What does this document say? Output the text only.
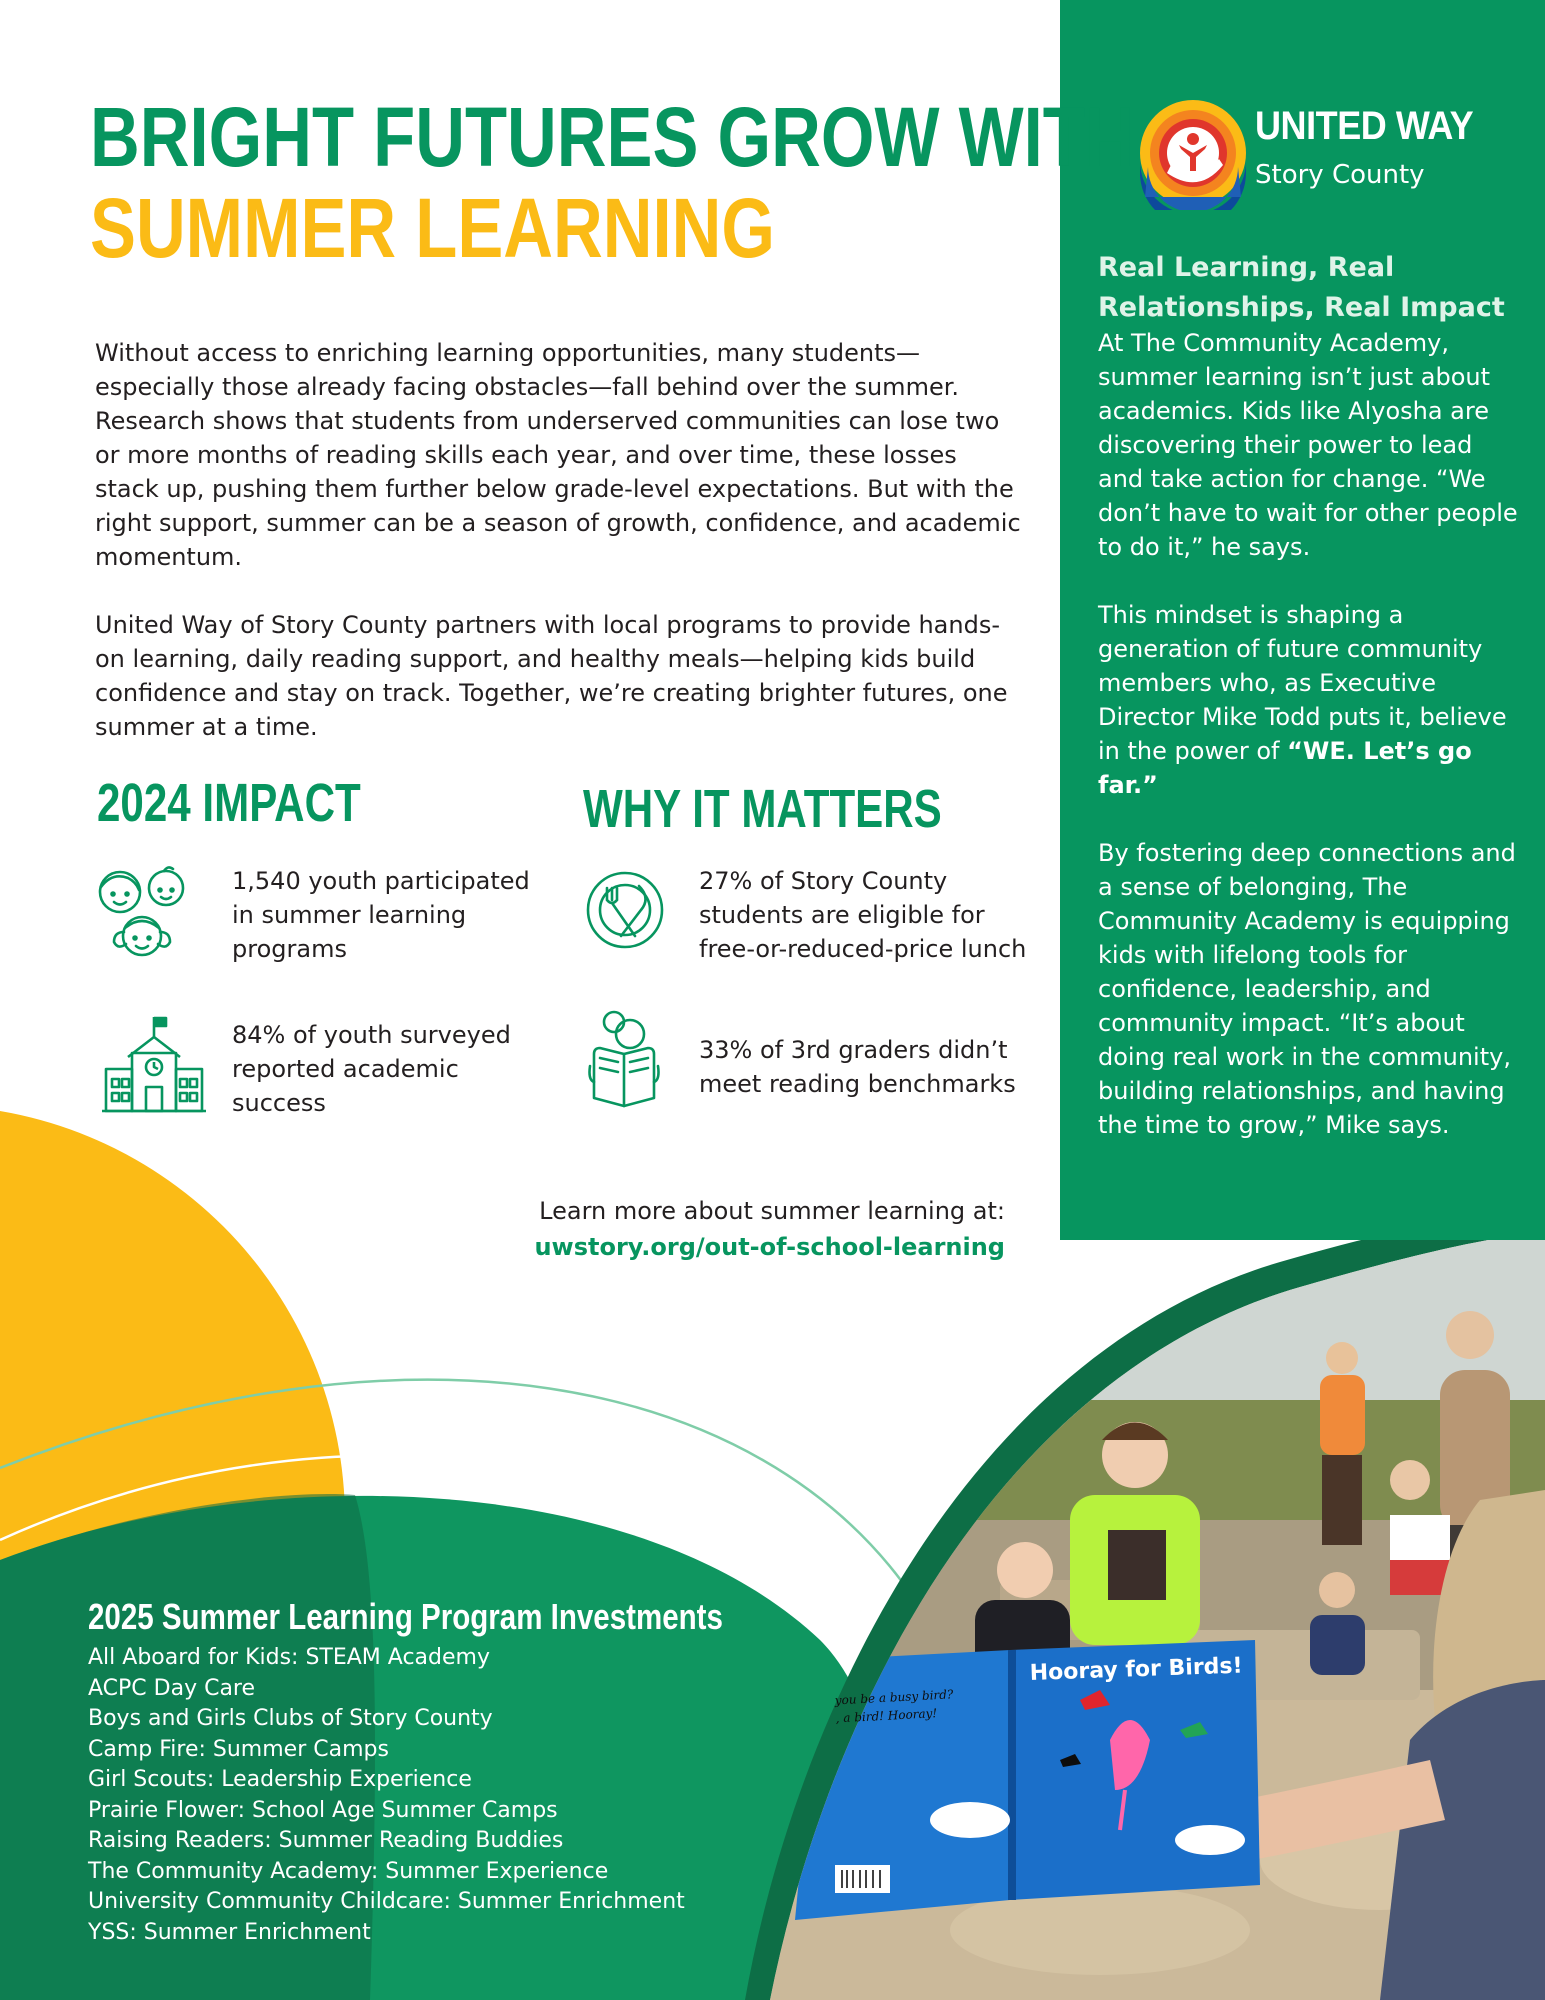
Hooray for Birds!
you be a busy bird? , a bird! Hooray!
UNITED WAY
Story County
Real Learning, Real Relationships, Real Impact

At The Community Academy, summer learning isn’t just about academics. Kids like Alyosha are discovering their power to lead and take action for change. “We don’t have to wait for other people to do it,” he says.

This mindset is shaping a generation of future community members who, as Executive Director Mike Todd puts it, believe in the power of “WE. Let’s go far.”

By fostering deep connections and a sense of belonging, The Community Academy is equipping kids with lifelong tools for confidence, leadership, and community impact. “It’s about doing real work in the community, building relationships, and having the time to grow,” Mike says.

BRIGHT FUTURES GROW WITH
SUMMER LEARNING

Without access to enriching learning opportunities, many students—especially those already facing obstacles—fall behind over the summer. Research shows that students from underserved communities can lose two or more months of reading skills each year, and over time, these losses stack up, pushing them further below grade-level expectations. But with the right support, summer can be a season of growth, confidence, and academic momentum.

United Way of Story County partners with local programs to provide hands-on learning, daily reading support, and healthy meals—helping kids build confidence and stay on track. Together, we’re creating brighter futures, one summer at a time.

2024 IMPACT
1,540 youth participated in summer learning programs
84% of youth surveyed reported academic success
WHY IT MATTERS
27% of Story County students are eligible for free-or-reduced-price lunch
33% of 3rd graders didn’t meet reading benchmarks
Learn more about summer learning at:
uwstory.org/out-of-school-learning
2025 Summer Learning Program Investments
All Aboard for Kids: STEAM Academy
ACPC Day Care
Boys and Girls Clubs of Story County
Camp Fire: Summer Camps
Girl Scouts: Leadership Experience
Prairie Flower: School Age Summer Camps
Raising Readers: Summer Reading Buddies
The Community Academy: Summer Experience
University Community Childcare: Summer Enrichment
YSS: Summer Enrichment
